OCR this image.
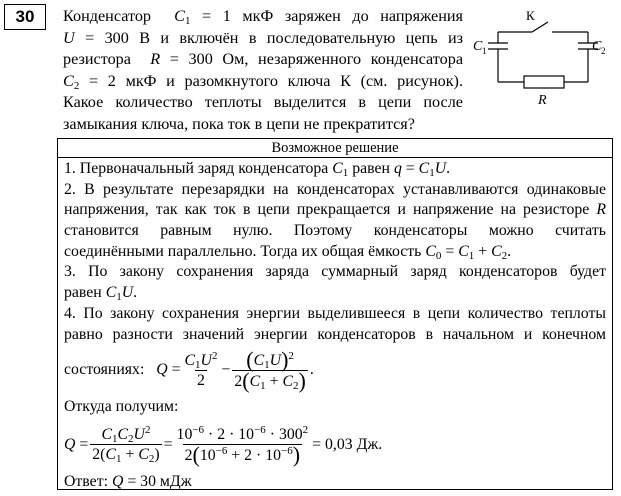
30	Конденсатор $C_1 = 1$ мкФ заряжен до напряжения
U = 300 В и включён в последовательную цепь из
резистора R = 300 Ом, незаряженного конденсатора
$C_2 = 2$ мкФ и разомкнутого ключа К (см. рисунок).
Какое количество теплоты выделится в цепи после
замыкания ключа, пока ток в цепи не прекратится?
К
C 1	C 2
R
Возможное решение
1. Первоначальный заряд конденсатора $C_1$ равен $q = C_1U$.
2. В результате перезарядки на конденсаторах устанавливаются одинаковые
напряжения, так как ток в цепи прекращается и напряжение на резисторе R
становится равным нулю. Поэтому конденсаторы можно считать
соединёнными параллельно. Тогда их общая ёмкость $C_0 = C_1 + C_2$.
3. По закону сохранения заряда суммарный заряд конденсаторов будет
равен $C_1U$.
4. По закону сохранения энергии выделившееся в цепи количество теплоты
равно разности значений энергии конденсаторов в начальном и конечном
состояниях:
$Q = \frac{C_1U^2}{2} - \frac{(C_1U)^2}{2(C_1 + C_2)}$ .
Откуда получим:
$Q = \frac{C_1C_2U^2}{2(C_1 + C_2)} = \frac{10^{-6} \cdot 2 \cdot 10^{-6} \cdot 300^2}{2(10^{-6} + 2 \cdot 10^{-6})} = 0,03$ Дж.
Ответ: Q = 30 мДж
